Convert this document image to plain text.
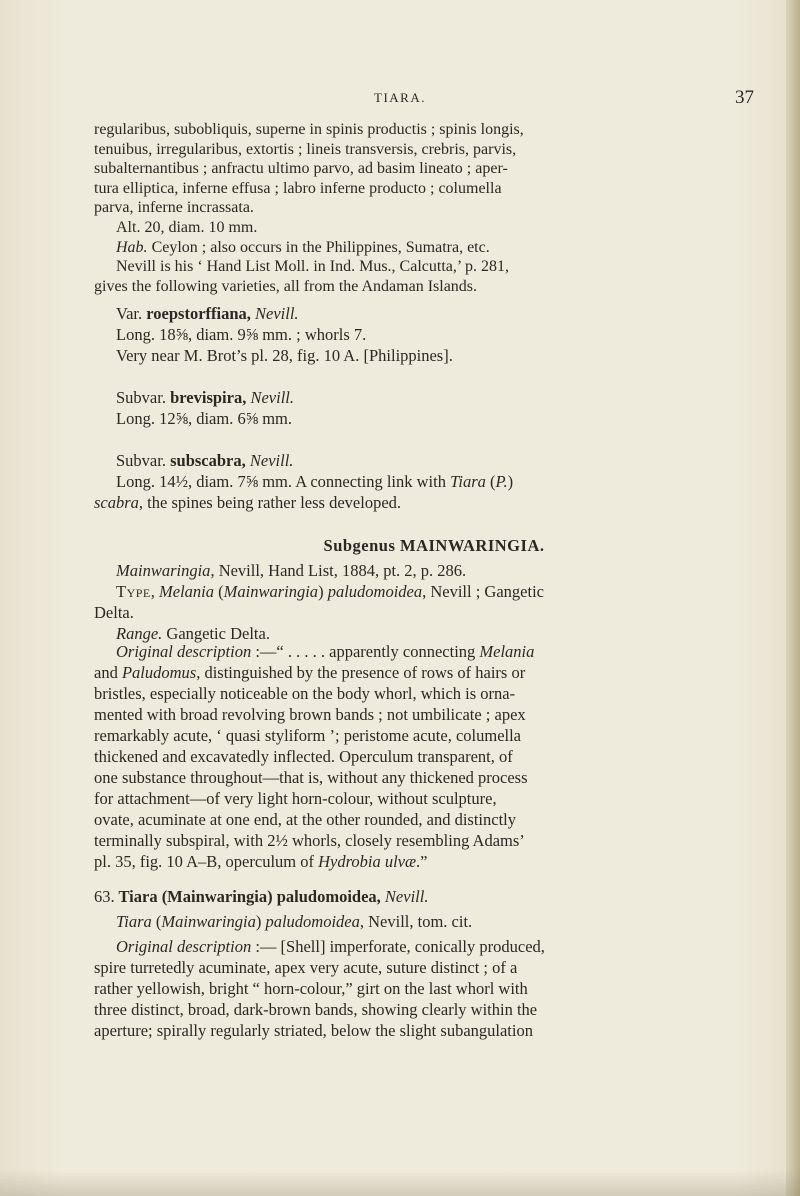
TIARA.	37
regularibus, subobliquis, superne in spinis productis ; spinis longis,
tenuibus, irregularibus, extortis ; lineis transversis, crebris, parvis,
subalternantibus ; anfractu ultimo parvo, ad basim lineato ; aper-
tura elliptica, inferne effusa ; labro inferne producto ; columella
parva, inferne incrassata.
Alt. 20, diam. 10 mm.
Hab. Ceylon ; also occurs in the Philippines, Sumatra, etc.
Nevill is his ‘ Hand List Moll. in Ind. Mus., Calcutta,’ p. 281,
gives the following varieties, all from the Andaman Islands.
Var. roepstorffiana, Nevill.
Long. 18⅝, diam. 9⅝ mm. ; whorls 7.
Very near M. Brot’s pl. 28, fig. 10 A. [Philippines].
Subvar. brevispira, Nevill.
Long. 12⅝, diam. 6⅝ mm.
Subvar. subscabra, Nevill.
Long. 14½, diam. 7⅝ mm. A connecting link with Tiara (P.)
scabra, the spines being rather less developed.
Subgenus MAINWARINGIA.
Mainwaringia, Nevill, Hand List, 1884, pt. 2, p. 286.
Type, Melania (Mainwaringia) paludomoidea, Nevill ; Gangetic
Delta.
Range. Gangetic Delta.
Original description :—“ . . . . . apparently connecting Melania
and Paludomus, distinguished by the presence of rows of hairs or
bristles, especially noticeable on the body whorl, which is orna-
mented with broad revolving brown bands ; not umbilicate ; apex
remarkably acute, ‘ quasi styliform ’; peristome acute, columella
thickened and excavatedly inflected. Operculum transparent, of
one substance throughout—that is, without any thickened process
for attachment—of very light horn-colour, without sculpture,
ovate, acuminate at one end, at the other rounded, and distinctly
terminally subspiral, with 2½ whorls, closely resembling Adams’
pl. 35, fig. 10 A–B, operculum of Hydrobia ulvæ.”
63. Tiara (Mainwaringia) paludomoidea, Nevill.
Tiara (Mainwaringia) paludomoidea, Nevill, tom. cit.
Original description :— [Shell] imperforate, conically produced,
spire turretedly acuminate, apex very acute, suture distinct ; of a
rather yellowish, bright “ horn-colour,” girt on the last whorl with
three distinct, broad, dark-brown bands, showing clearly within the
aperture; spirally regularly striated, below the slight subangulation
